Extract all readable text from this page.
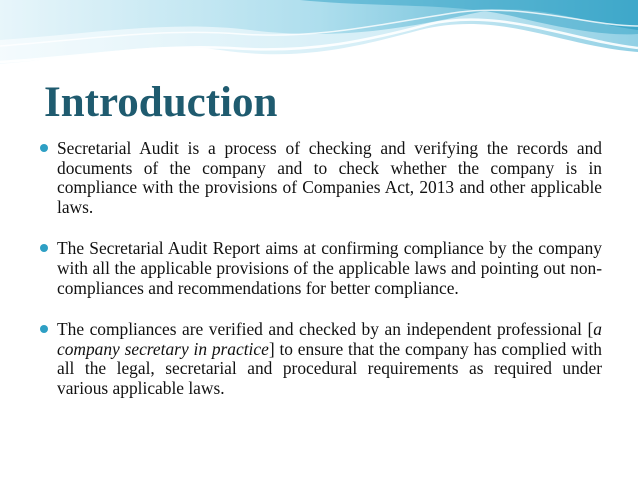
Introduction
Secretarial Audit is a process of checking and verifying the records and documents of the company and to check whether the company is in compliance with the provisions of Companies Act, 2013 and other applicable laws.
The Secretarial Audit Report aims at confirming compliance by the company with all the applicable provisions of the applicable laws and pointing out non-compliances and recommendations for better compliance.
The compliances are verified and checked by an independent professional [a company secretary in practice] to ensure that the company has complied with all the legal, secretarial and procedural requirements as required under various applicable laws.
